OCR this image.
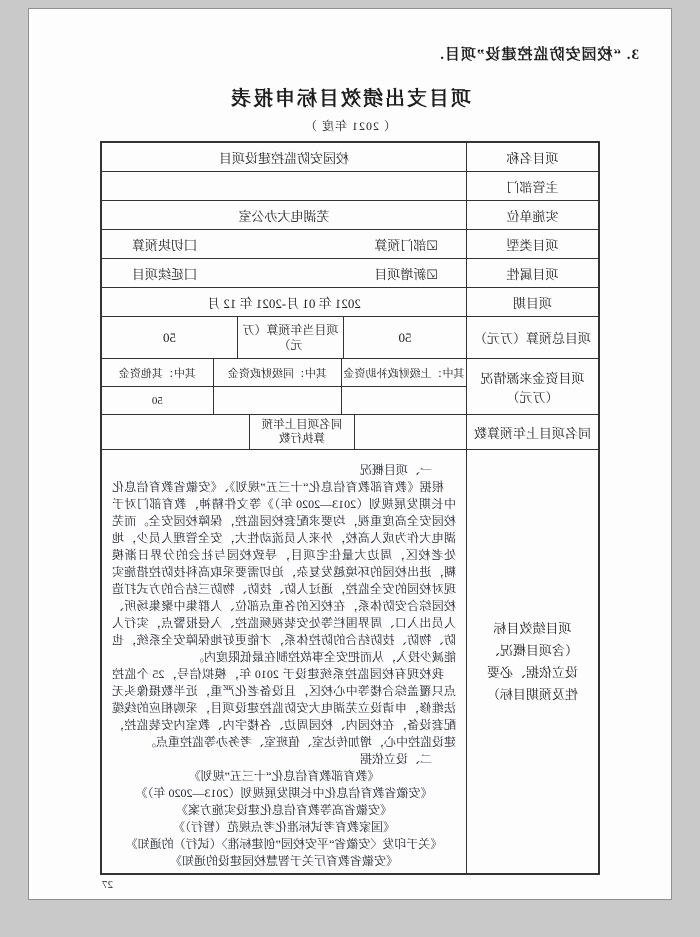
3. “校园安防监控建设”项目.
项目支出绩效目标申报表
（ 2021 年度 ）
项目名称
校园安防监控建设项目
主管部门
实施单位
芜湖电大办公室
项目类型
☑部门预算
囗切块预算
项目属性
☑新增项目
囗延续项目
项目期
2021 年 01 月-2021 年 12 月
项目总预算（万元）
50
项目当年预算（万元）
50
项目资金来源情况（万元）
其中：上级财政补助资金
其中：同级财政资金
其中：其他资金
50
同名项目上年预算数
同名项目上年预算执行数
项目绩效目标（含项目概况、设立依据、必要性及预期目标）
一、项目概况

根据《教育部教育信息化“十三五”规划》、《安徽省教育信息化中长期发展规划（2013—2020 年）》等文件精神，教育部门对于校园安全高度重视，均要求配套校园监控，保障校园安全。而芜湖电大作为成人高校，外来人员流动性大，安全管理人员少，地处老校区，周边大量住宅项目，导致校园与社会的分界日渐模糊，进出校园的环境越发复杂，迫切需要采取高科技防控措施实现对校园的安全监控，通过人防、技防、物防三结合的方式打造校园综合安防体系，在校区的各重点部位、人群集中聚集场所、人员出入口、周界围栏等处安装视频监控、入侵报警点，实行人防、物防、技防结合的防控体系，才能更好地保障安全系统，也能减少投入，从而把安全事故控制在最低限度内。

我校现有校园监控系统建设于 2010 年，模拟信号，25 个监控点只覆盖综合楼等中心校区，且设备老化严重，近半数摄像头无法维修，申请设立芜湖电大安防监控建设项目，采购相应的线缆配套设备，在校园内、校园周边、各楼宇内、教室内安装监控，建设监控中心，增加传达室、值班室、考务办等监控重点。

二、设立依据
《教育部教育信息化“十三五”规划》
《安徽省教育信息化中长期发展规划（2013—2020 年）》
《安徽省高等教育信息化建设实施方案》
《国家教育考试标准化考点规范（暂行）》
《关于印发〈安徽省“平安校园”创建标准〉（试行）的通知》
《安徽省教育厅关于智慧校园建设的通知》
27
